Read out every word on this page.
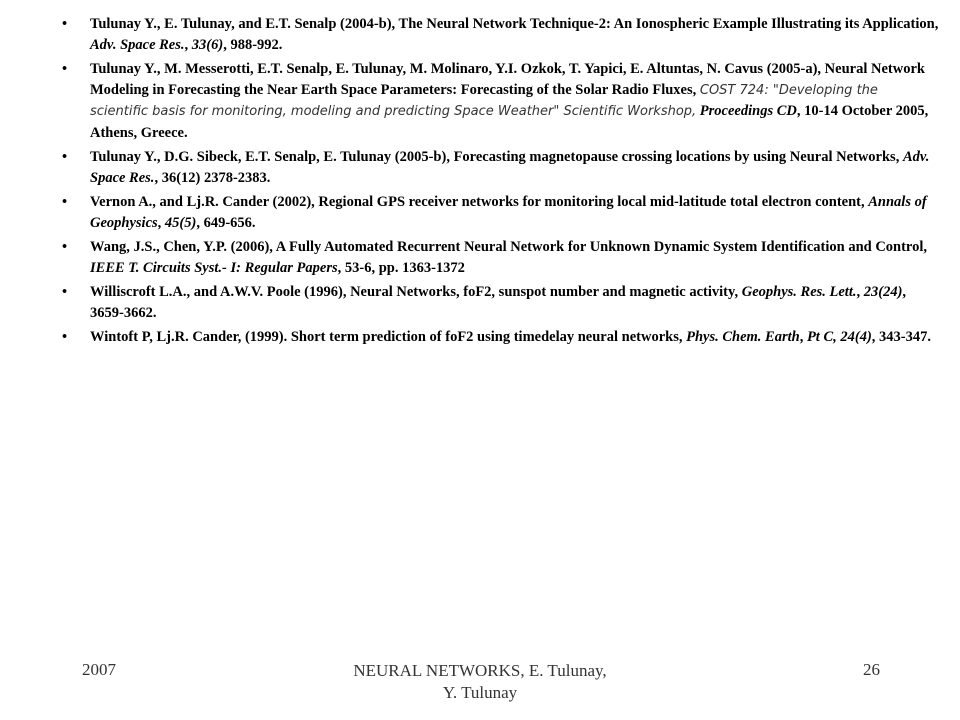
• Tulunay Y., E. Tulunay, and E.T. Senalp (2004-b), The Neural Network Technique-2: An Ionospheric Example Illustrating its Application, Adv. Space Res., 33(6), 988-992.
• Tulunay Y., M. Messerotti, E.T. Senalp, E. Tulunay, M. Molinaro, Y.I. Ozkok, T. Yapici, E. Altuntas, N. Cavus (2005-a), Neural Network Modeling in Forecasting the Near Earth Space Parameters: Forecasting of the Solar Radio Fluxes, COST 724: "Developing the scientific basis for monitoring, modeling and predicting Space Weather" Scientific Workshop, Proceedings CD, 10-14 October 2005, Athens, Greece.
• Tulunay Y., D.G. Sibeck, E.T. Senalp, E. Tulunay (2005-b), Forecasting magnetopause crossing locations by using Neural Networks, Adv. Space Res., 36(12) 2378-2383.
• Vernon A., and Lj.R. Cander (2002), Regional GPS receiver networks for monitoring local mid-latitude total electron content, Annals of Geophysics, 45(5), 649-656.
• Wang, J.S., Chen, Y.P. (2006), A Fully Automated Recurrent Neural Network for Unknown Dynamic System Identification and Control, IEEE T. Circuits Syst.- I: Regular Papers, 53-6, pp. 1363-1372
• Williscroft L.A., and A.W.V. Poole (1996), Neural Networks, foF2, sunspot number and magnetic activity, Geophys. Res. Lett., 23(24), 3659-3662.
• Wintoft P, Lj.R. Cander, (1999). Short term prediction of foF2 using timedelay neural networks, Phys. Chem. Earth, Pt C, 24(4), 343-347.
2007	NEURAL NETWORKS, E. Tulunay,
Y. Tulunay
26
